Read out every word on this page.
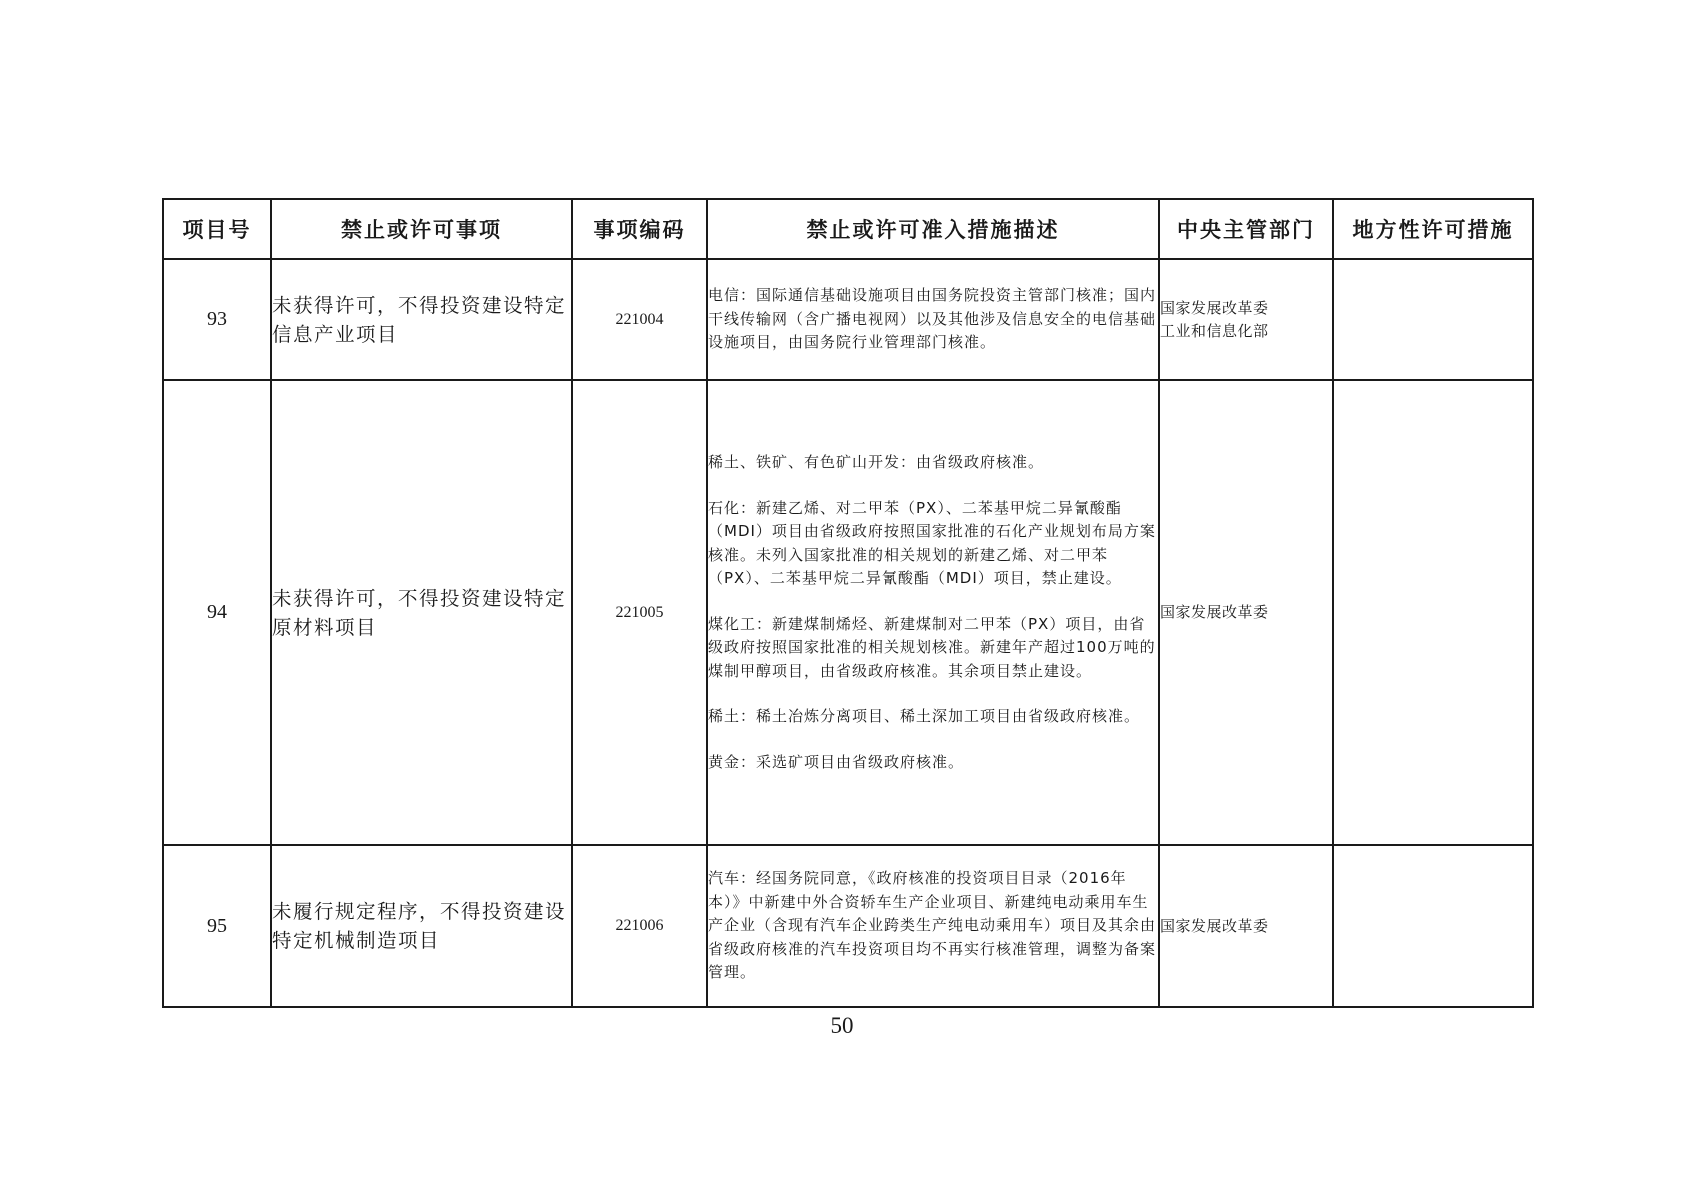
项目号	禁止或许可事项	事项编码	禁止或许可准入措施描述	中央主管部门	地方性许可措施
93	未获得许可，不得投资建设特定信息产业项目	221004	电信：国际通信基础设施项目由国务院投资主管部门核准；国内干线传输网（含广播电视网）以及其他涉及信息安全的电信基础设施项目，由国务院行业管理部门核准。	国家发展改革委
工业和信息化部	

94	未获得许可，不得投资建设特定原材料项目	221005	稀土、铁矿、有色矿山开发：由省级政府核准。

石化：新建乙烯、对二甲苯（PX）、二苯基甲烷二异氰酸酯（MDI）项目由省级政府按照国家批准的石化产业规划布局方案核准。未列入国家批准的相关规划的新建乙烯、对二甲苯（PX）、二苯基甲烷二异氰酸酯（MDI）项目，禁止建设。

煤化工：新建煤制烯烃、新建煤制对二甲苯（PX）项目，由省级政府按照国家批准的相关规划核准。新建年产超过100万吨的煤制甲醇项目，由省级政府核准。其余项目禁止建设。

稀土：稀土冶炼分离项目、稀土深加工项目由省级政府核准。

黄金：采选矿项目由省级政府核准。	国家发展改革委	

95	未履行规定程序，不得投资建设特定机械制造项目	221006	汽车：经国务院同意，《政府核准的投资项目目录（2016年本）》中新建中外合资轿车生产企业项目、新建纯电动乘用车生产企业（含现有汽车企业跨类生产纯电动乘用车）项目及其余由省级政府核准的汽车投资项目均不再实行核准管理，调整为备案管理。	国家发展改革委	

50
